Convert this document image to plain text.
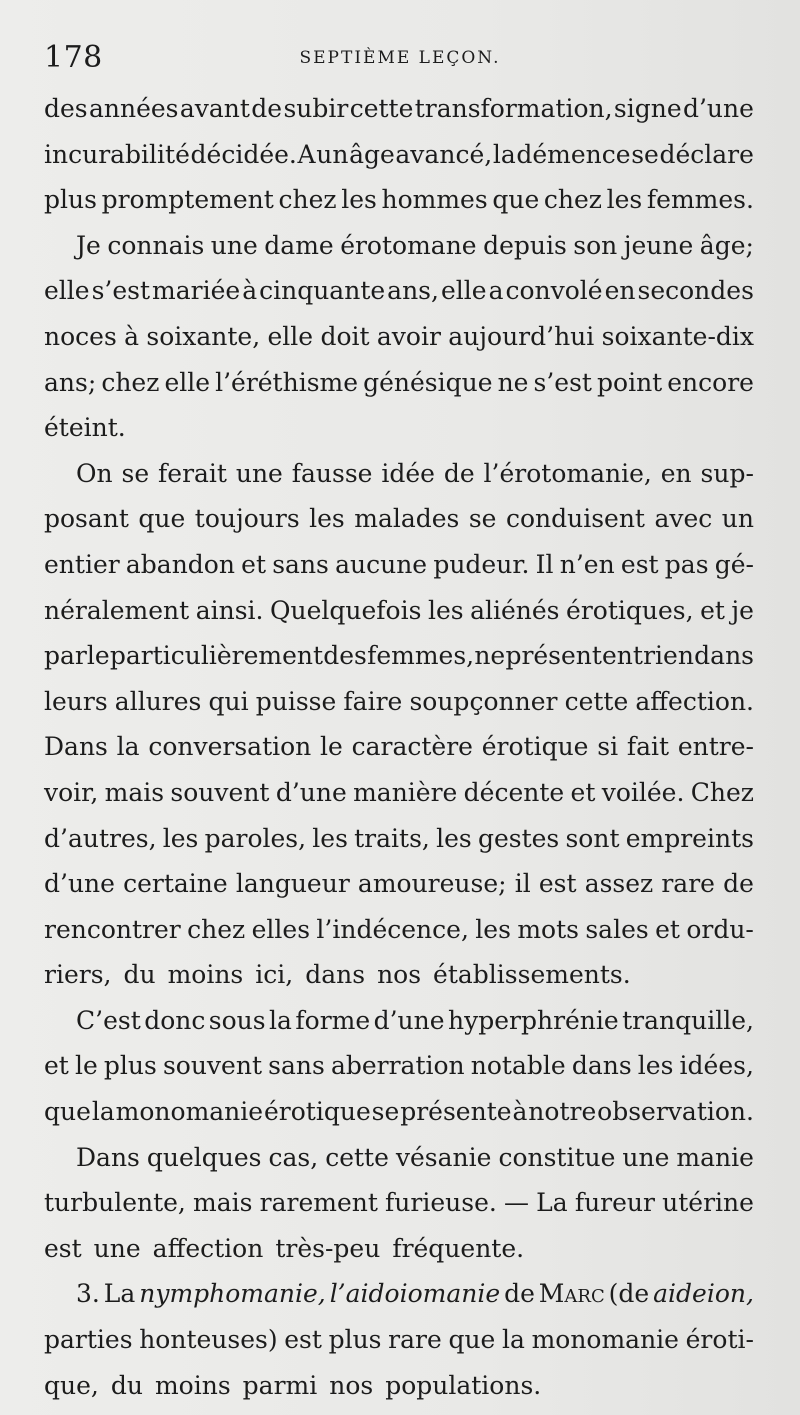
178	SEPTIÈME LEÇON.
des années avant de subir cette transformation, signe d’une
incurabilité décidée. A un âge avancé, la démence se déclare
plus promptement chez les hommes que chez les femmes.
Je connais une dame érotomane depuis son jeune âge;
elle s’est mariée à cinquante ans, elle a convolé en secondes
noces à soixante, elle doit avoir aujourd’hui soixante-dix
ans; chez elle l’éréthisme génésique ne s’est point encore
éteint.
On se ferait une fausse idée de l’érotomanie, en sup-
posant que toujours les malades se conduisent avec un
entier abandon et sans aucune pudeur. Il n’en est pas gé-
néralement ainsi. Quelquefois les aliénés érotiques, et je
parle particulièrement des femmes, ne présentent rien dans
leurs allures qui puisse faire soupçonner cette affection.
Dans la conversation le caractère érotique si fait entre-
voir, mais souvent d’une manière décente et voilée. Chez
d’autres, les paroles, les traits, les gestes sont empreints
d’une certaine langueur amoureuse; il est assez rare de
rencontrer chez elles l’indécence, les mots sales et ordu-
riers, du moins ici, dans nos établissements.
C’est donc sous la forme d’une hyperphrénie tranquille,
et le plus souvent sans aberration notable dans les idées,
que la monomanie érotique se présente à notre observation.
Dans quelques cas, cette vésanie constitue une manie
turbulente, mais rarement furieuse. — La fureur utérine
est une affection très-peu fréquente.
3. La nymphomanie, l’aidoiomanie de Marc (de aideion,
parties honteuses) est plus rare que la monomanie éroti-
que, du moins parmi nos populations.
